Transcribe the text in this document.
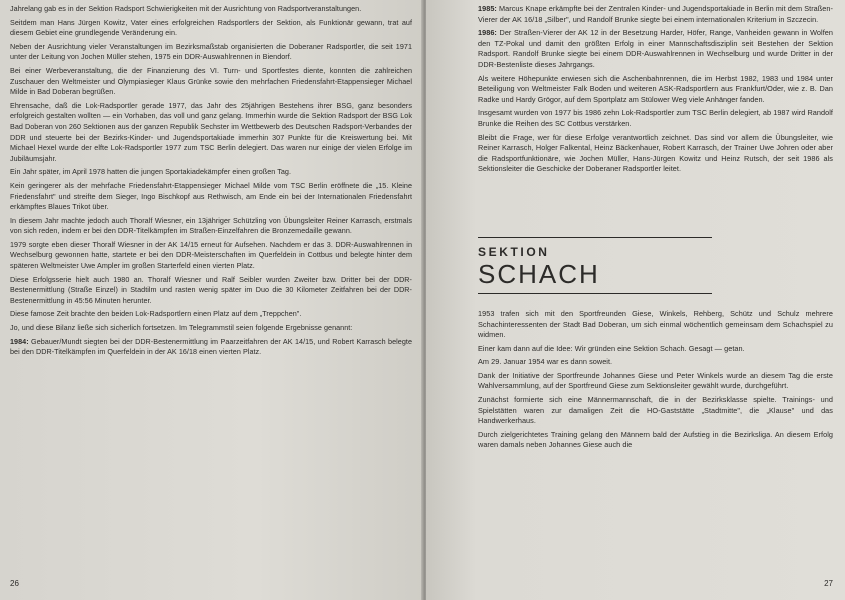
Jahrelang gab es in der Sektion Radsport Schwierigkeiten mit der Ausrichtung von Radsportveranstaltungen.

Seitdem man Hans Jürgen Kowitz, Vater eines erfolgreichen Radsportlers der Sektion, als Funktionär gewann, trat auf diesem Gebiet eine grundlegende Veränderung ein.

Neben der Ausrichtung vieler Veranstaltungen im Bezirksmaßstab organisierten die Doberaner Radsportler, die seit 1971 unter der Leitung von Jochen Müller stehen, 1975 ein DDR-Auswahlrennen in Biendorf.

Bei einer Werbeveranstaltung, die der Finanzierung des VI. Turn- und Sportfestes diente, konnten die zahlreichen Zuschauer den Weltmeister und Olympiasieger Klaus Grünke sowie den mehrfachen Friedensfahrt-Etappensieger Michael Milde in Bad Doberan begrüßen.

Ehrensache, daß die Lok-Radsportler gerade 1977, das Jahr des 25jährigen Bestehens ihrer BSG, ganz besonders erfolgreich gestalten wollten — ein Vorhaben, das voll und ganz gelang. Immerhin wurde die Sektion Radsport der BSG Lok Bad Doberan von 260 Sektionen aus der ganzen Republik Sechster im Wettbewerb des Deutschen Radsport-Verbandes der DDR und steuerte bei der Bezirks-Kinder- und Jugendsportakiade immerhin 307 Punkte für die Kreiswertung bei. Mit Michael Hexel wurde der elfte Lok-Radsportler 1977 zum TSC Berlin delegiert. Das waren nur einige der vielen Erfolge im Jubiläumsjahr.

Ein Jahr später, im April 1978 hatten die jungen Sportakiadekämpfer einen großen Tag.

Kein geringerer als der mehrfache Friedensfahrt-Etappensieger Michael Milde vom TSC Berlin eröffnete die „15. Kleine Friedensfahrt" und streifte dem Sieger, Ingo Bischkopf aus Rethwisch, am Ende ein bei der Internationalen Friedensfahrt erkämpftes Blaues Trikot über.

In diesem Jahr machte jedoch auch Thoralf Wiesner, ein 13jähriger Schützling von Übungsleiter Reiner Karrasch, erstmals von sich reden, indem er bei den DDR-Titelkämpfen im Straßen-Einzelfahren die Bronzemedaille gewann.

1979 sorgte eben dieser Thoralf Wiesner in der AK 14/15 erneut für Aufsehen. Nachdem er das 3. DDR-Auswahlrennen in Wechselburg gewonnen hatte, startete er bei den DDR-Meisterschaften im Querfeldein in Cottbus und belegte hinter dem späteren Weltmeister Uwe Ampler im großen Starterfeld einen vierten Platz.

Diese Erfolgsserie hielt auch 1980 an. Thoralf Wiesner und Ralf Seibler wurden Zweiter bzw. Dritter bei der DDR-Bestenermittlung (Straße Einzel) in Stadtilm und rasten wenig später im Duo die 30 Kilometer Zeitfahren bei der DDR-Bestenermittlung in 45:56 Minuten herunter.

Diese famose Zeit brachte den beiden Lok-Radsportlern einen Platz auf dem „Treppchen".

Jo, und diese Bilanz ließe sich sicherlich fortsetzen. Im Telegrammstil seien folgende Ergebnisse genannt:

1984: Gebauer/Mundt siegten bei der DDR-Bestenermittlung im Paarzeitfahren der AK 14/15, und Robert Karrasch belegte bei den DDR-Titelkämpfen im Querfeldein in der AK 16/18 einen vierten Platz.

26

1985: Marcus Knape erkämpfte bei der Zentralen Kinder- und Jugendsportakiade in Berlin mit dem Straßen-Vierer der AK 16/18 „Silber", und Randolf Brunke siegte bei einem internationalen Kriterium in Szczecin.

1986: Der Straßen-Vierer der AK 12 in der Besetzung Harder, Höfer, Range, Vanheiden gewann in Wolfen den TZ-Pokal und damit den größten Erfolg in einer Mannschaftsdisziplin seit Bestehen der Sektion Radsport. Randolf Brunke siegte bei einem DDR-Auswahlrennen in Wechselburg und wurde Dritter in der DDR-Bestenliste dieses Jahrgangs.

Als weitere Höhepunkte erwiesen sich die Aschenbahnrennen, die im Herbst 1982, 1983 und 1984 unter Beteiligung von Weltmeister Falk Boden und weiteren ASK-Radsportlern aus Frankfurt/Oder, wie z. B. Dan Radke und Hardy Grögor, auf dem Sportplatz am Stülower Weg viele Anhänger fanden.

Insgesamt wurden von 1977 bis 1986 zehn Lok-Radsportler zum TSC Berlin delegiert, ab 1987 wird Randolf Brunke die Reihen des SC Cottbus verstärken.

Bleibt die Frage, wer für diese Erfolge verantwortlich zeichnet. Das sind vor allem die Übungsleiter, wie Reiner Karrasch, Holger Falkental, Heinz Bäckenhauer, Robert Karrasch, der Trainer Uwe Johren oder aber die Radsportfunktionäre, wie Jochen Müller, Hans-Jürgen Kowitz und Heinz Rutsch, der seit 1986 als Sektionsleiter die Geschicke der Doberaner Radsportler leitet.

SEKTION
SCHACH

1953 trafen sich mit den Sportfreunden Giese, Winkels, Rehberg, Schütz und Schulz mehrere Schachinteressenten der Stadt Bad Doberan, um sich einmal wöchentlich gemeinsam dem Schachspiel zu widmen.

Einer kam dann auf die Idee: Wir gründen eine Sektion Schach. Gesagt — getan.

Am 29. Januar 1954 war es dann soweit.

Dank der Initiative der Sportfreunde Johannes Giese und Peter Winkels wurde an diesem Tag die erste Wahlversammlung, auf der Sportfreund Giese zum Sektionsleiter gewählt wurde, durchgeführt.

Zunächst formierte sich eine Männermannschaft, die in der Bezirksklasse spielte. Trainings- und Spielstätten waren zur damaligen Zeit die HO-Gaststätte „Stadtmitte", die „Klause" und das Handwerkerhaus.

Durch zielgerichtetes Training gelang den Männern bald der Aufstieg in die Bezirksliga. An diesem Erfolg waren damals neben Johannes Giese auch die

27
